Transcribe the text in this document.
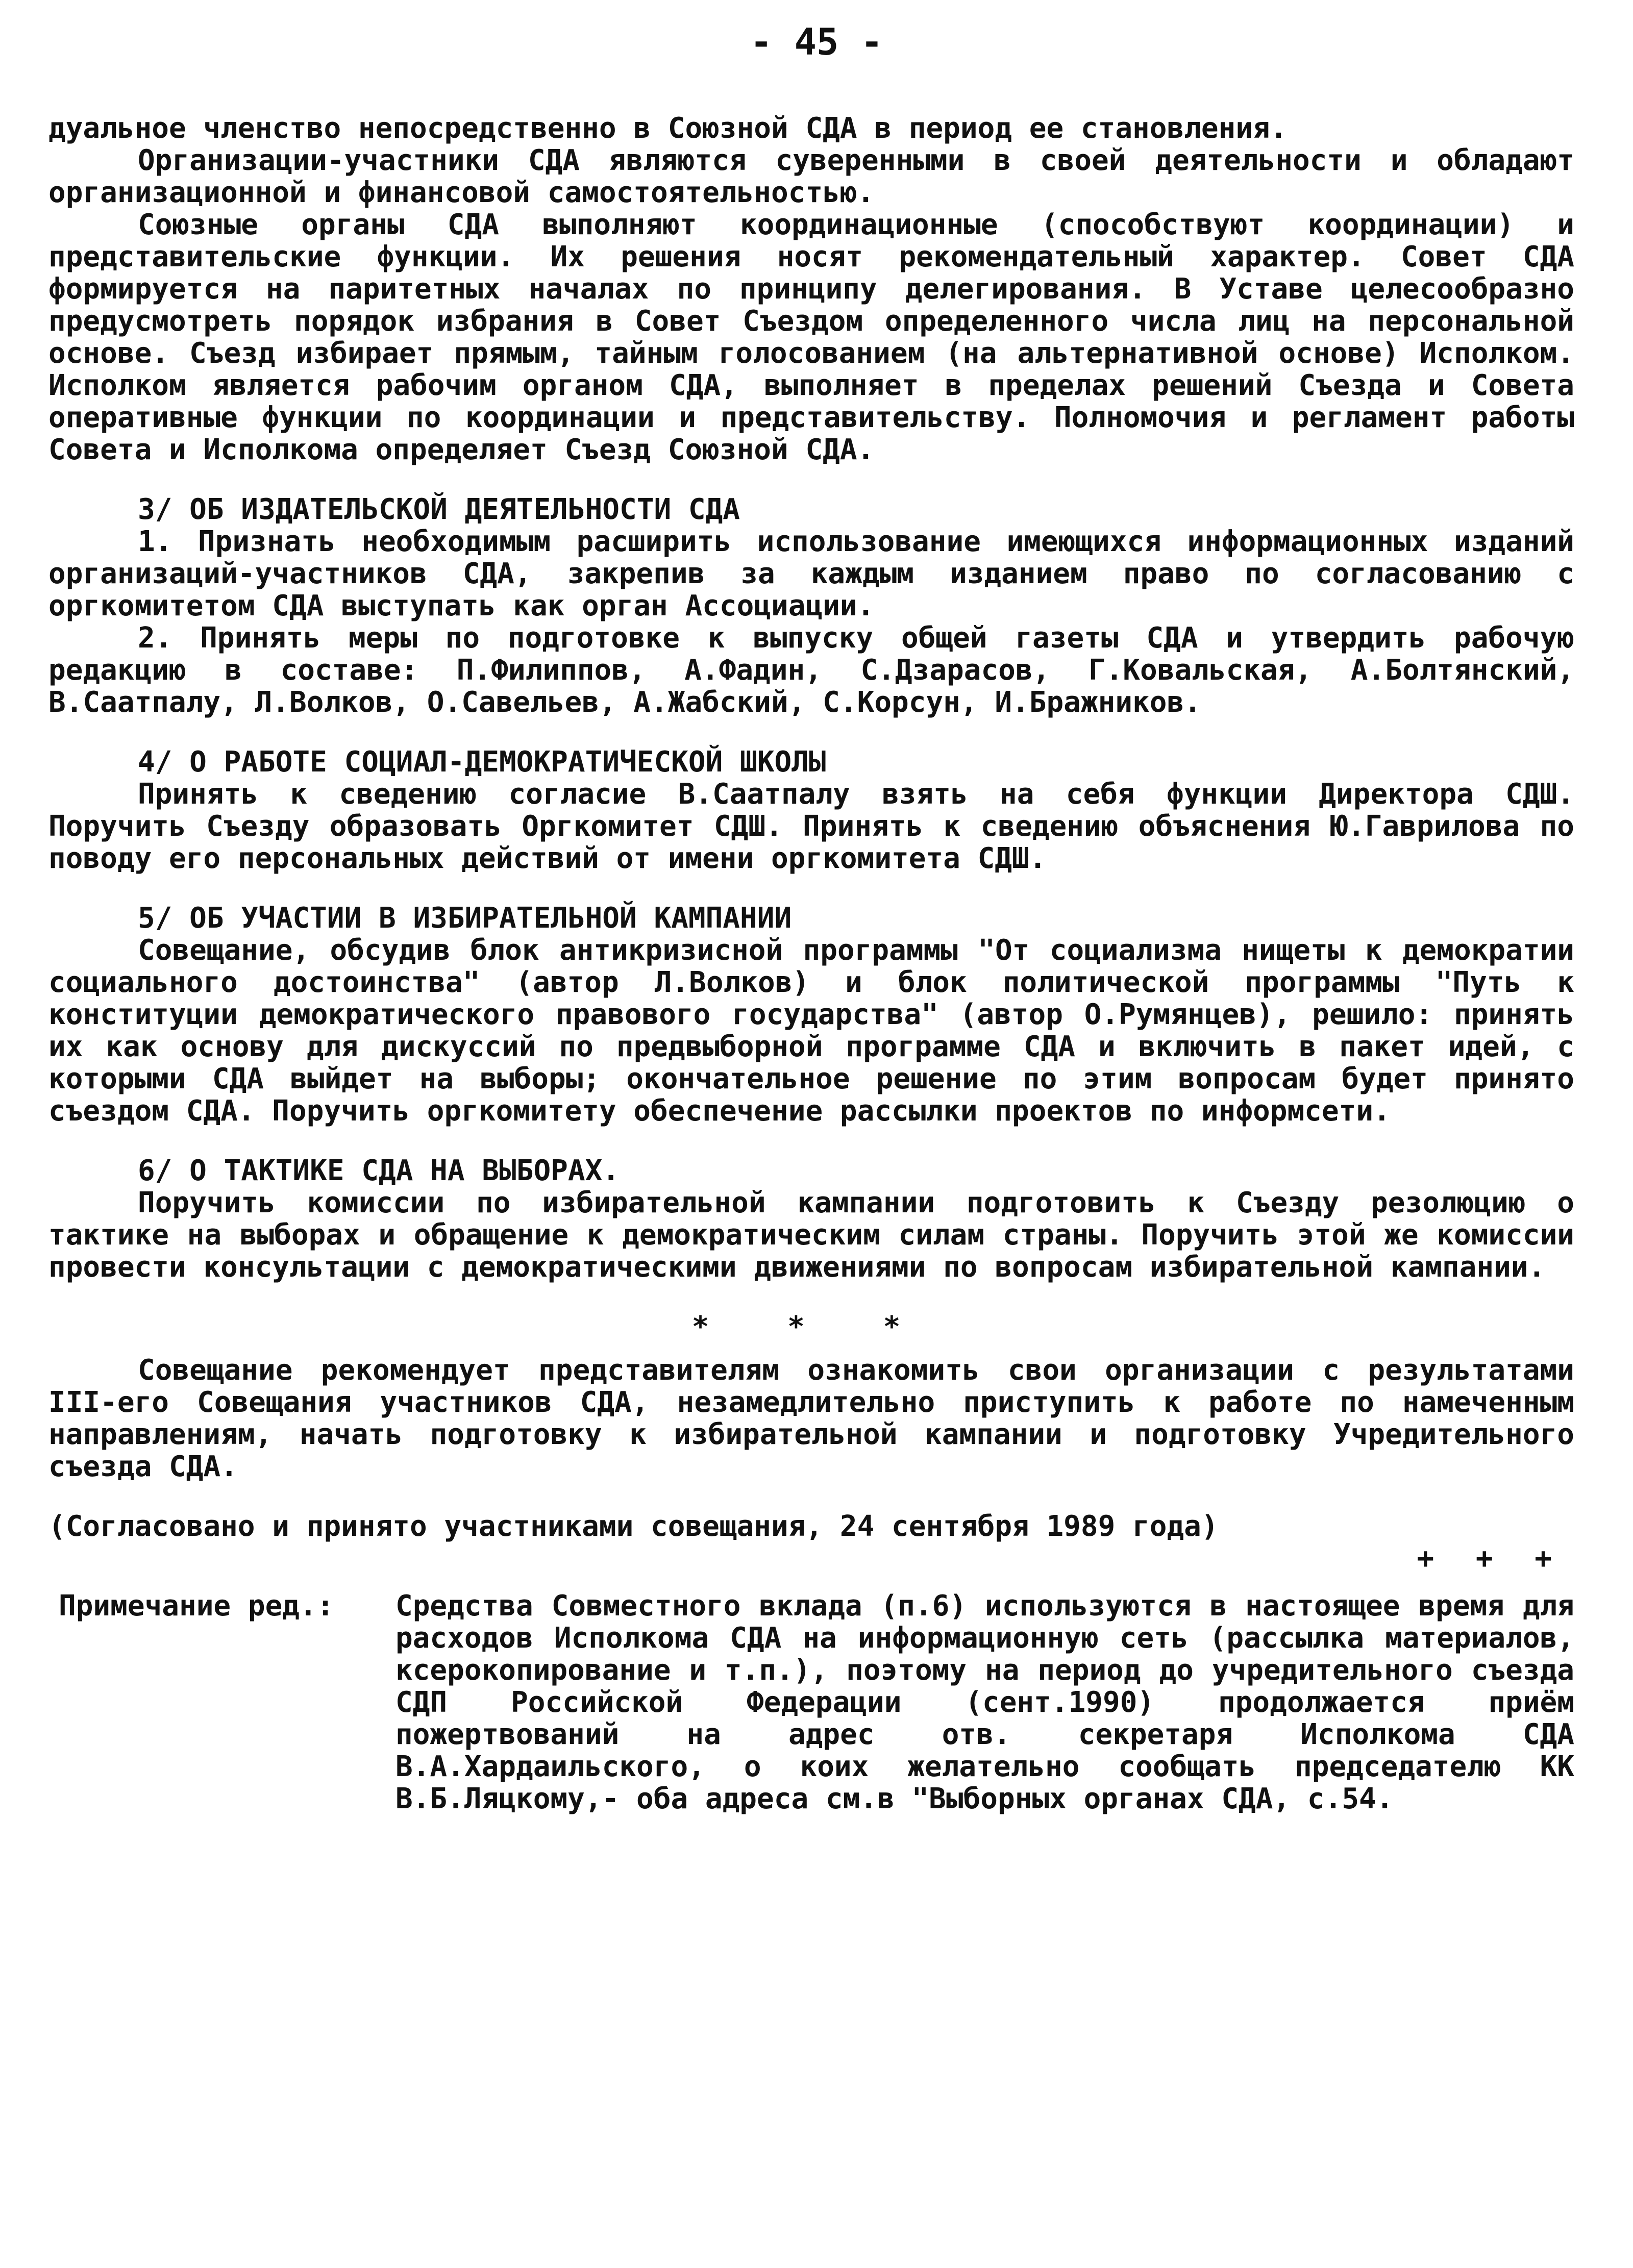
- 45 -

дуальное членство непосредственно в Союзной СДА в период ее становления.

Организации-участники СДА являются суверенными в своей деятельности и обладают организационной и финансовой самостоятельностью.

Союзные органы СДА выполняют координационные (способствуют координации) и представительские функции. Их решения носят рекомендательный характер. Совет СДА формируется на паритетных началах по принципу делегирования. В Уставе целесообразно предусмотреть порядок избрания в Совет Съездом определенного числа лиц на персональной основе. Съезд избирает прямым, тайным голосованием (на альтернативной основе) Исполком. Исполком является рабочим органом СДА, выполняет в пределах решений Съезда и Совета оперативные функции по координации и представительству. Полномочия и регламент работы Совета и Исполкома определяет Съезд Союзной СДА.

3/ ОБ ИЗДАТЕЛЬСКОЙ ДЕЯТЕЛЬНОСТИ СДА

1. Признать необходимым расширить использование имеющихся информационных изданий организаций-участников СДА, закрепив за каждым изданием право по согласованию с оргкомитетом СДА выступать как орган Ассоциации.

2. Принять меры по подготовке к выпуску общей газеты СДА и утвердить рабочую редакцию в составе: П.Филиппов, А.Фадин, С.Дзарасов, Г.Ковальская, А.Болтянский, В.Саатпалу, Л.Волков, О.Савельев, А.Жабский, С.Корсун, И.Бражников.

4/ О РАБОТЕ СОЦИАЛ-ДЕМОКРАТИЧЕСКОЙ ШКОЛЫ

Принять к сведению согласие В.Саатпалу взять на себя функции Директора СДШ. Поручить Съезду образовать Оргкомитет СДШ. Принять к сведению объяснения Ю.Гаврилова по поводу его персональных действий от имени оргкомитета СДШ.

5/ ОБ УЧАСТИИ В ИЗБИРАТЕЛЬНОЙ КАМПАНИИ

Совещание, обсудив блок антикризисной программы "От социализма нищеты к демократии социального достоинства" (автор Л.Волков) и блок политической программы "Путь к конституции демократического правового государства" (автор О.Румянцев), решило: принять их как основу для дискуссий по предвыборной программе СДА и включить в пакет идей, с которыми СДА выйдет на выборы; окончательное решение по этим вопросам будет принято съездом СДА. Поручить оргкомитету обеспечение рассылки проектов по информсети.

6/ О ТАКТИКЕ СДА НА ВЫБОРАХ.

Поручить комиссии по избирательной кампании подготовить к Съезду резолюцию о тактике на выборах и обращение к демократическим силам страны. Поручить этой же комиссии провести консультации с демократическими движениями по вопросам избирательной кампании.

* * *

Совещание рекомендует представителям ознакомить свои организации с результатами III-его Совещания участников СДА, незамедлительно приступить к работе по намеченным направлениям, начать подготовку к избирательной кампании и подготовку Учредительного съезда СДА.

(Согласовано и принято участниками совещания, 24 сентября 1989 года)

+ + +
Примечание ред.:	Средства Совместного вклада (п.6) используются в настоящее время для расходов Исполкома СДА на информационную сеть (рассылка материалов, ксерокопирование и т.п.), поэтому на период до учредительного съезда СДП Российской Федерации (сент.1990) продолжается приём пожертвований на адрес отв. секретаря Исполкома СДА В.А.Хардаильского, о коих желательно сообщать председателю КК В.Б.Ляцкому,- оба адреса см.в "Выборных органах СДА, с.54.
